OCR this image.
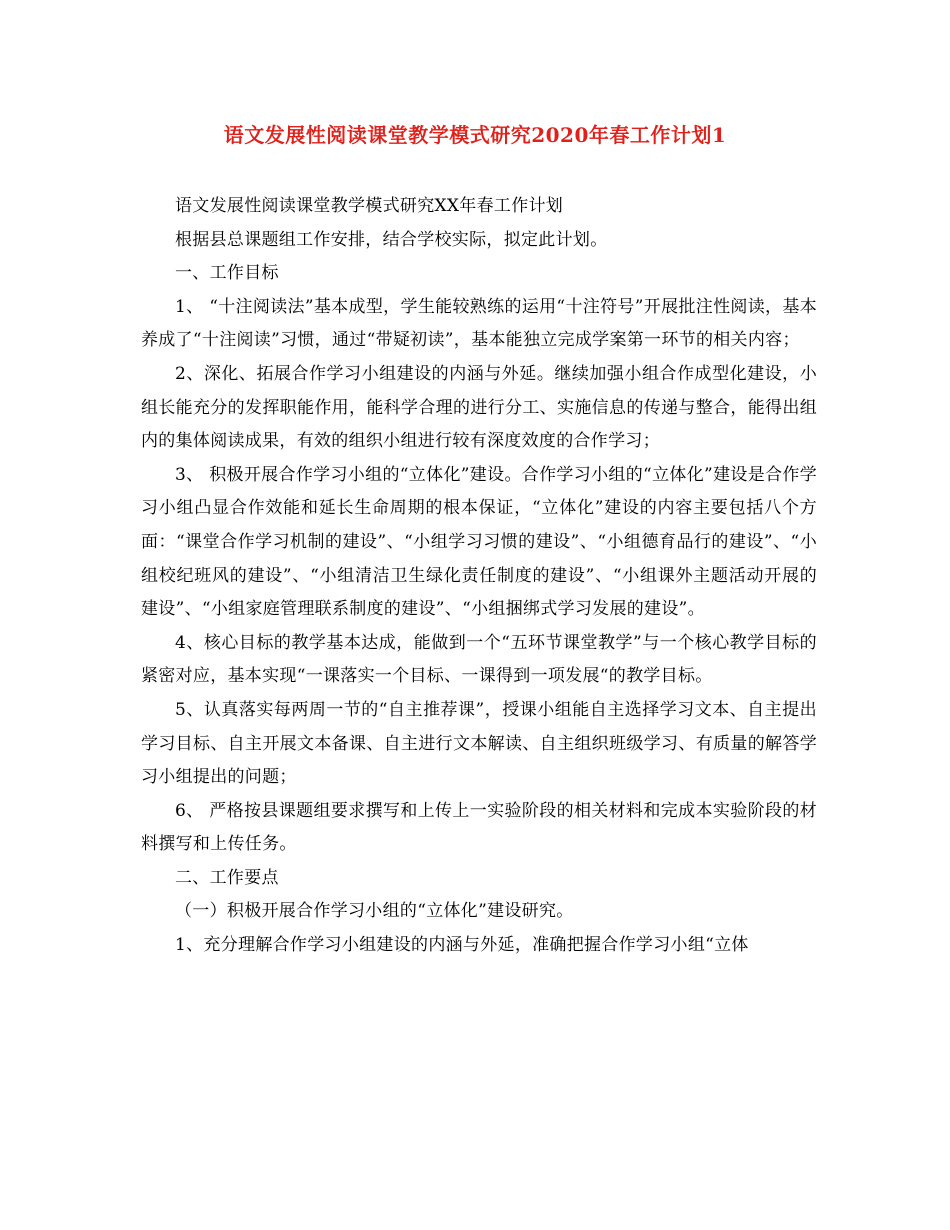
语文发展性阅读课堂教学模式研究2020年春工作计划1

语文发展性阅读课堂教学模式研究XX年春工作计划

根据县总课题组工作安排，结合学校实际，拟定此计划。

一、工作目标

1、 “十注阅读法”基本成型，学生能较熟练的运用“十注符号”开展批注性阅读，基本养成了“十注阅读”习惯，通过“带疑初读”，基本能独立完成学案第一环节的相关内容；

2、深化、拓展合作学习小组建设的内涵与外延。继续加强小组合作成型化建设，小组长能充分的发挥职能作用，能科学合理的进行分工、实施信息的传递与整合，能得出组内的集体阅读成果，有效的组织小组进行较有深度效度的合作学习；

3、 积极开展合作学习小组的“立体化”建设。合作学习小组的“立体化”建设是合作学习小组凸显合作效能和延长生命周期的根本保证，“立体化”建设的内容主要包括八个方面：“课堂合作学习机制的建设”、“小组学习习惯的建设”、“小组德育品行的建设”、“小组校纪班风的建设”、“小组清洁卫生绿化责任制度的建设”、“小组课外主题活动开展的建设”、“小组家庭管理联系制度的建设”、“小组捆绑式学习发展的建设”。

4、核心目标的教学基本达成，能做到一个“五环节课堂教学”与一个核心教学目标的紧密对应，基本实现“一课落实一个目标、一课得到一项发展“的教学目标。

5、认真落实每两周一节的“自主推荐课”，授课小组能自主选择学习文本、自主提出学习目标、自主开展文本备课、自主进行文本解读、自主组织班级学习、有质量的解答学习小组提出的问题；

6、 严格按县课题组要求撰写和上传上一实验阶段的相关材料和完成本实验阶段的材料撰写和上传任务。

二、工作要点

（一）积极开展合作学习小组的“立体化”建设研究。

1、充分理解合作学习小组建设的内涵与外延，准确把握合作学习小组“立体
